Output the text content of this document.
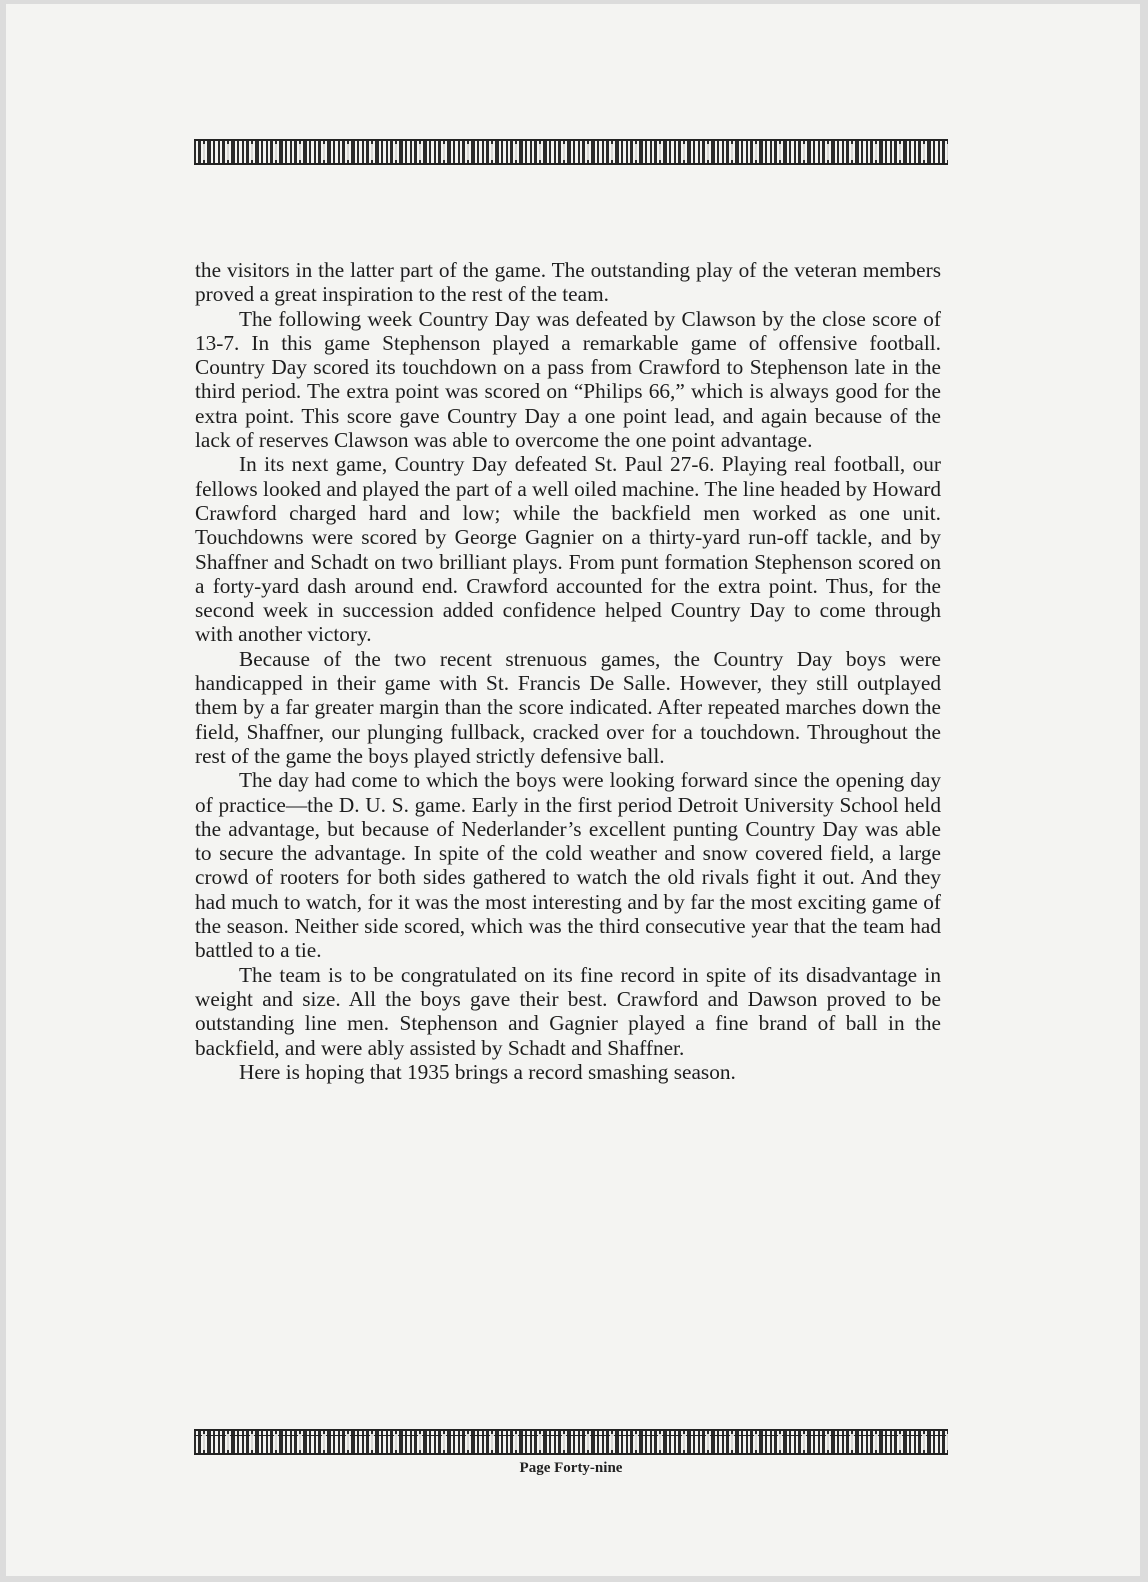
the visitors in the latter part of the game. The outstanding play of the veteran members proved a great inspiration to the rest of the team.

The following week Country Day was defeated by Clawson by the close score of 13-7. In this game Stephenson played a remarkable game of offensive football. Country Day scored its touchdown on a pass from Crawford to Stephenson late in the third period. The extra point was scored on “Philips 66,” which is always good for the extra point. This score gave Country Day a one point lead, and again because of the lack of reserves Clawson was able to overcome the one point advantage.

In its next game, Country Day defeated St. Paul 27-6. Playing real football, our fellows looked and played the part of a well oiled machine. The line headed by Howard Crawford charged hard and low; while the backfield men worked as one unit. Touchdowns were scored by George Gagnier on a thirty-yard run-off tackle, and by Shaffner and Schadt on two brilliant plays. From punt formation Stephenson scored on a forty-yard dash around end. Crawford accounted for the extra point. Thus, for the second week in succession added confidence helped Country Day to come through with another victory.

Because of the two recent strenuous games, the Country Day boys were handicapped in their game with St. Francis De Salle. However, they still outplayed them by a far greater margin than the score indicated. After repeated marches down the field, Shaffner, our plunging fullback, cracked over for a touchdown. Throughout the rest of the game the boys played strictly defensive ball.

The day had come to which the boys were looking forward since the opening day of practice—the D. U. S. game. Early in the first period Detroit University School held the advantage, but because of Nederlander’s excellent punting Country Day was able to secure the advantage. In spite of the cold weather and snow covered field, a large crowd of rooters for both sides gathered to watch the old rivals fight it out. And they had much to watch, for it was the most interesting and by far the most exciting game of the season. Neither side scored, which was the third consecutive year that the team had battled to a tie.

The team is to be congratulated on its fine record in spite of its disadvantage in weight and size. All the boys gave their best. Crawford and Dawson proved to be outstanding line men. Stephenson and Gagnier played a fine brand of ball in the backfield, and were ably assisted by Schadt and Shaffner.

Here is hoping that 1935 brings a record smashing season.

Page Forty-nine
